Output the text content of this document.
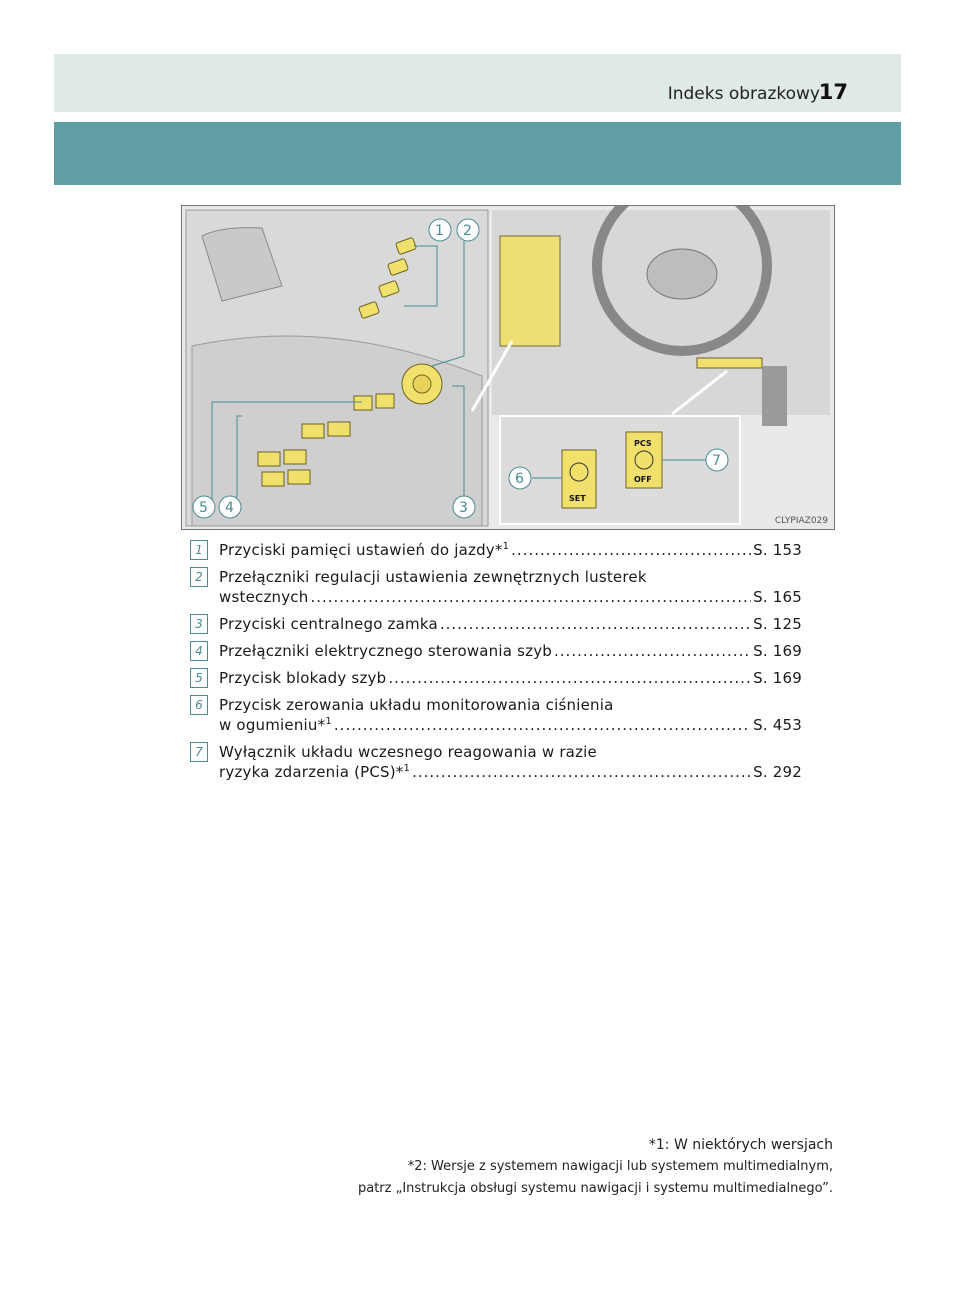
Indeks obrazkowy
17
1 2
3
4
5
SET
PCS
OFF
6
7
CLYPIAZ029
1	Przyciski pamięci ustawień do jazdy*$^1$ .....	S. 153
2	Przełączniki regulacji ustawienia zewnętrznych lusterek
wstecznych .....	S. 165
3	Przyciski centralnego zamka .....	S. 125
4	Przełączniki elektrycznego sterowania szyb .....	S. 169
5	Przycisk blokady szyb .....	S. 169
6	Przycisk zerowania układu monitorowania ciśnienia
w ogumieniu*$^1$ .....	S. 453
7	Wyłącznik układu wczesnego reagowania w razie
ryzyka zdarzenia (PCS)*$^1$ .....	S. 292
*1: W niektórych wersjach
*2: Wersje z systemem nawigacji lub systemem multimedialnym,
patrz „Instrukcja obsługi systemu nawigacji i systemu multimedialnego”.
